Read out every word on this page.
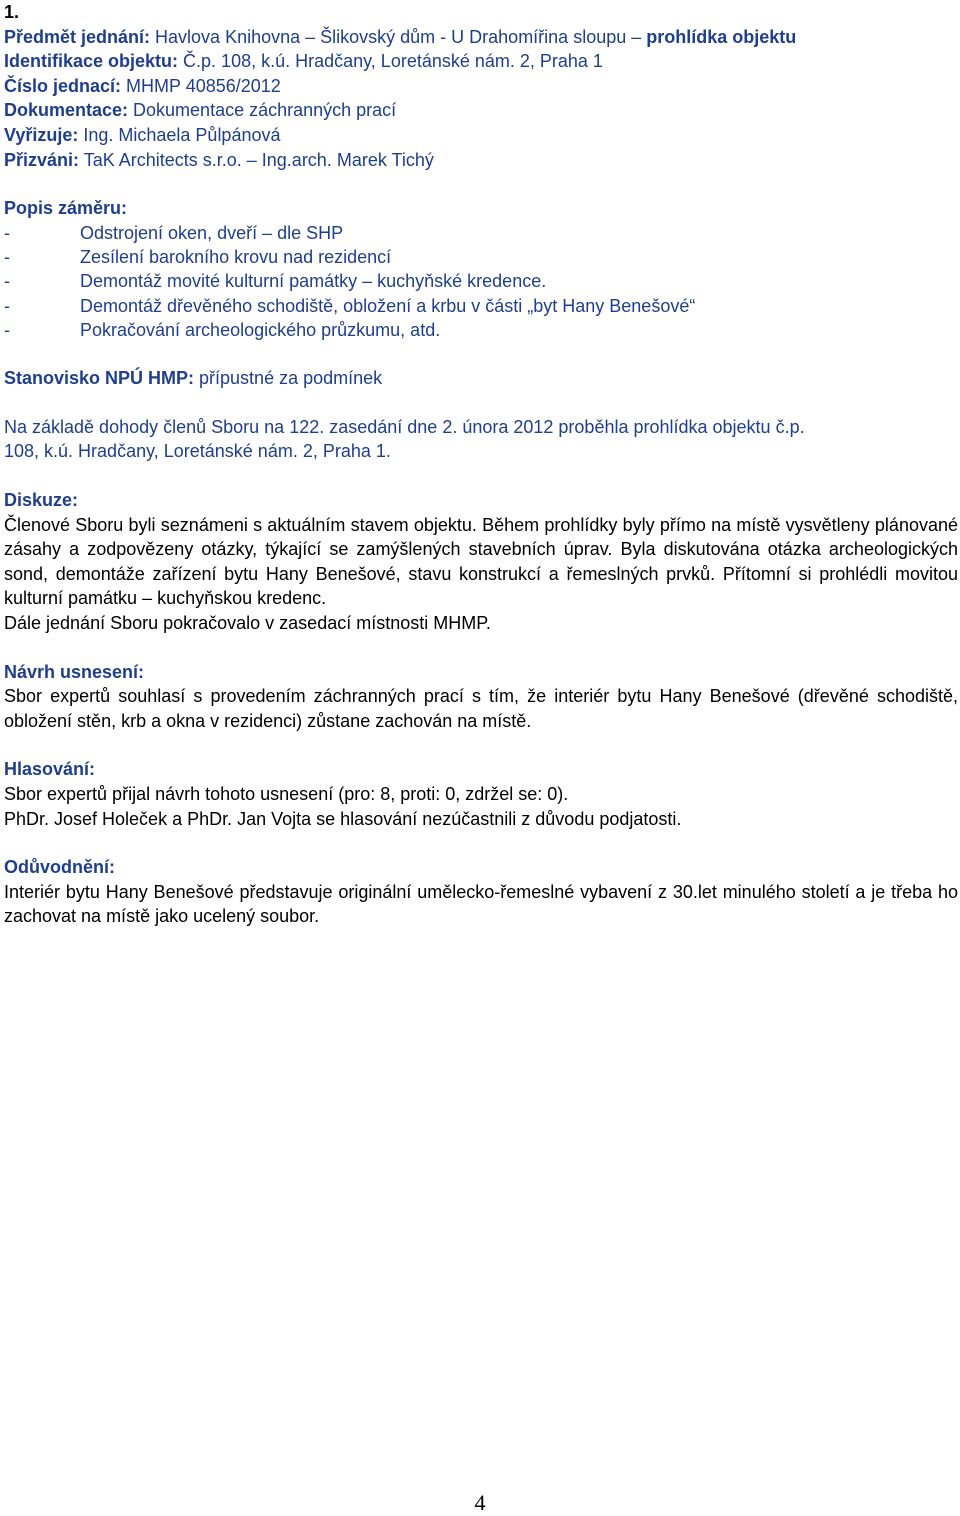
1.
Předmět jednání: Havlova Knihovna – Šlikovský dům - U Drahomířina sloupu – prohlídka objektu
Identifikace objektu: Č.p. 108, k.ú. Hradčany, Loretánské nám. 2, Praha 1
Číslo jednací: MHMP 40856/2012
Dokumentace: Dokumentace záchranných prací
Vyřizuje: Ing. Michaela Půlpánová
Přizváni: TaK Architects s.r.o. – Ing.arch. Marek Tichý
Popis záměru:
-	Odstrojení oken, dveří – dle SHP
-	Zesílení barokního krovu nad rezidencí
-	Demontáž movité kulturní památky – kuchyňské kredence.
-	Demontáž dřevěného schodiště, obložení a krbu v části „byt Hany Benešové“
-	Pokračování archeologického průzkumu, atd.
Stanovisko NPÚ HMP: přípustné za podmínek
Na základě dohody členů Sboru na 122. zasedání dne 2. února 2012 proběhla prohlídka objektu č.p.
108, k.ú. Hradčany, Loretánské nám. 2, Praha 1.
Diskuze:
Členové Sboru byli seznámeni s aktuálním stavem objektu. Během prohlídky byly přímo na místě vysvětleny plánované zásahy a zodpovězeny otázky, týkající se zamýšlených stavebních úprav. Byla diskutována otázka archeologických sond, demontáže zařízení bytu Hany Benešové, stavu konstrukcí a řemeslných prvků. Přítomní si prohlédli movitou kulturní památku – kuchyňskou kredenc.
Dále jednání Sboru pokračovalo v zasedací místnosti MHMP.
Návrh usnesení:
Sbor expertů souhlasí s provedením záchranných prací s tím, že interiér bytu Hany Benešové (dřevěné schodiště, obložení stěn, krb a okna v rezidenci) zůstane zachován na místě.
Hlasování:
Sbor expertů přijal návrh tohoto usnesení (pro: 8, proti: 0, zdržel se: 0).
PhDr. Josef Holeček a PhDr. Jan Vojta se hlasování nezúčastnili z důvodu podjatosti.
Odůvodnění:
Interiér bytu Hany Benešové představuje originální umělecko-řemeslné vybavení z 30.let minulého století a je třeba ho zachovat na místě jako ucelený soubor.
4
